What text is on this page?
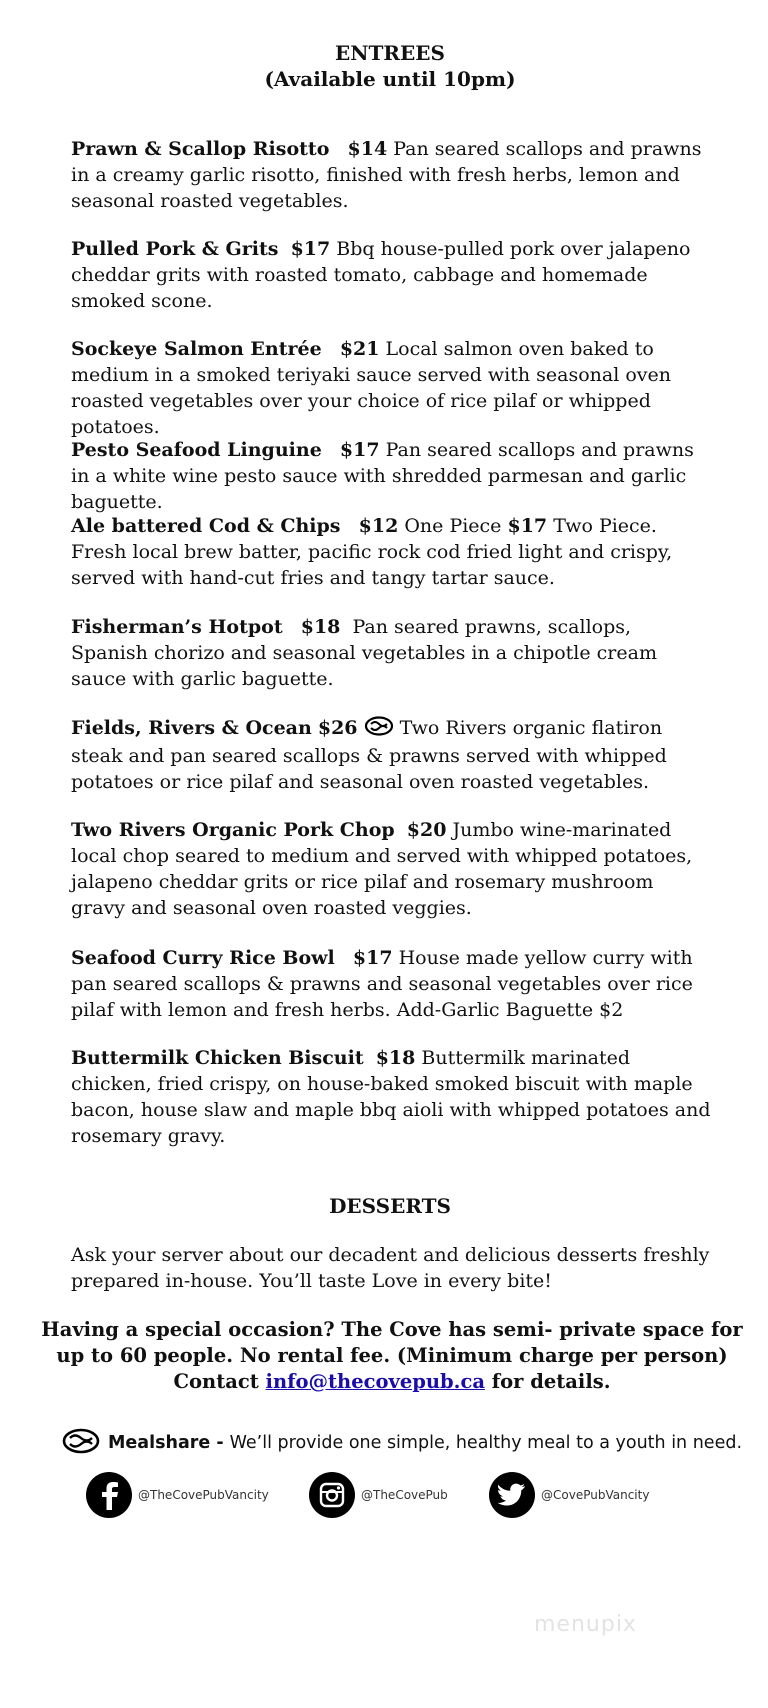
ENTREES
(Available until 10pm)
Prawn & Scallop Risotto $14 Pan seared scallops and prawns in a creamy garlic risotto, finished with fresh herbs, lemon and seasonal roasted vegetables.
Pulled Pork & Grits $17 Bbq house-pulled pork over jalapeno cheddar grits with roasted tomato, cabbage and homemade smoked scone.
Sockeye Salmon Entrée $21 Local salmon oven baked to medium in a smoked teriyaki sauce served with seasonal oven roasted vegetables over your choice of rice pilaf or whipped potatoes.
Pesto Seafood Linguine $17 Pan seared scallops and prawns in a white wine pesto sauce with shredded parmesan and garlic baguette.
Ale battered Cod & Chips $12 One Piece $17 Two Piece. Fresh local brew batter, pacific rock cod fried light and crispy, served with hand-cut fries and tangy tartar sauce.
Fisherman’s Hotpot $18 Pan seared prawns, scallops, Spanish chorizo and seasonal vegetables in a chipotle cream sauce with garlic baguette.
Fields, Rivers & Ocean $26 Two Rivers organic flatiron steak and pan seared scallops & prawns served with whipped potatoes or rice pilaf and seasonal oven roasted vegetables.
Two Rivers Organic Pork Chop $20 Jumbo wine-marinated local chop seared to medium and served with whipped potatoes, jalapeno cheddar grits or rice pilaf and rosemary mushroom gravy and seasonal oven roasted veggies.
Seafood Curry Rice Bowl $17 House made yellow curry with pan seared scallops & prawns and seasonal vegetables over rice pilaf with lemon and fresh herbs. Add-Garlic Baguette $2
Buttermilk Chicken Biscuit $18 Buttermilk marinated chicken, fried crispy, on house-baked smoked biscuit with maple bacon, house slaw and maple bbq aioli with whipped potatoes and rosemary gravy.
DESSERTS
Ask your server about our decadent and delicious desserts freshly prepared in-house. You’ll taste Love in every bite!
Having a special occasion? The Cove has semi- private space for up to 60 people. No rental fee. (Minimum charge per person)
Contact info@thecovepub.ca for details.
Mealshare - We’ll provide one simple, healthy meal to a youth in need.
@TheCovePubVancity	@TheCovePub	@CovePubVancity
menupix
